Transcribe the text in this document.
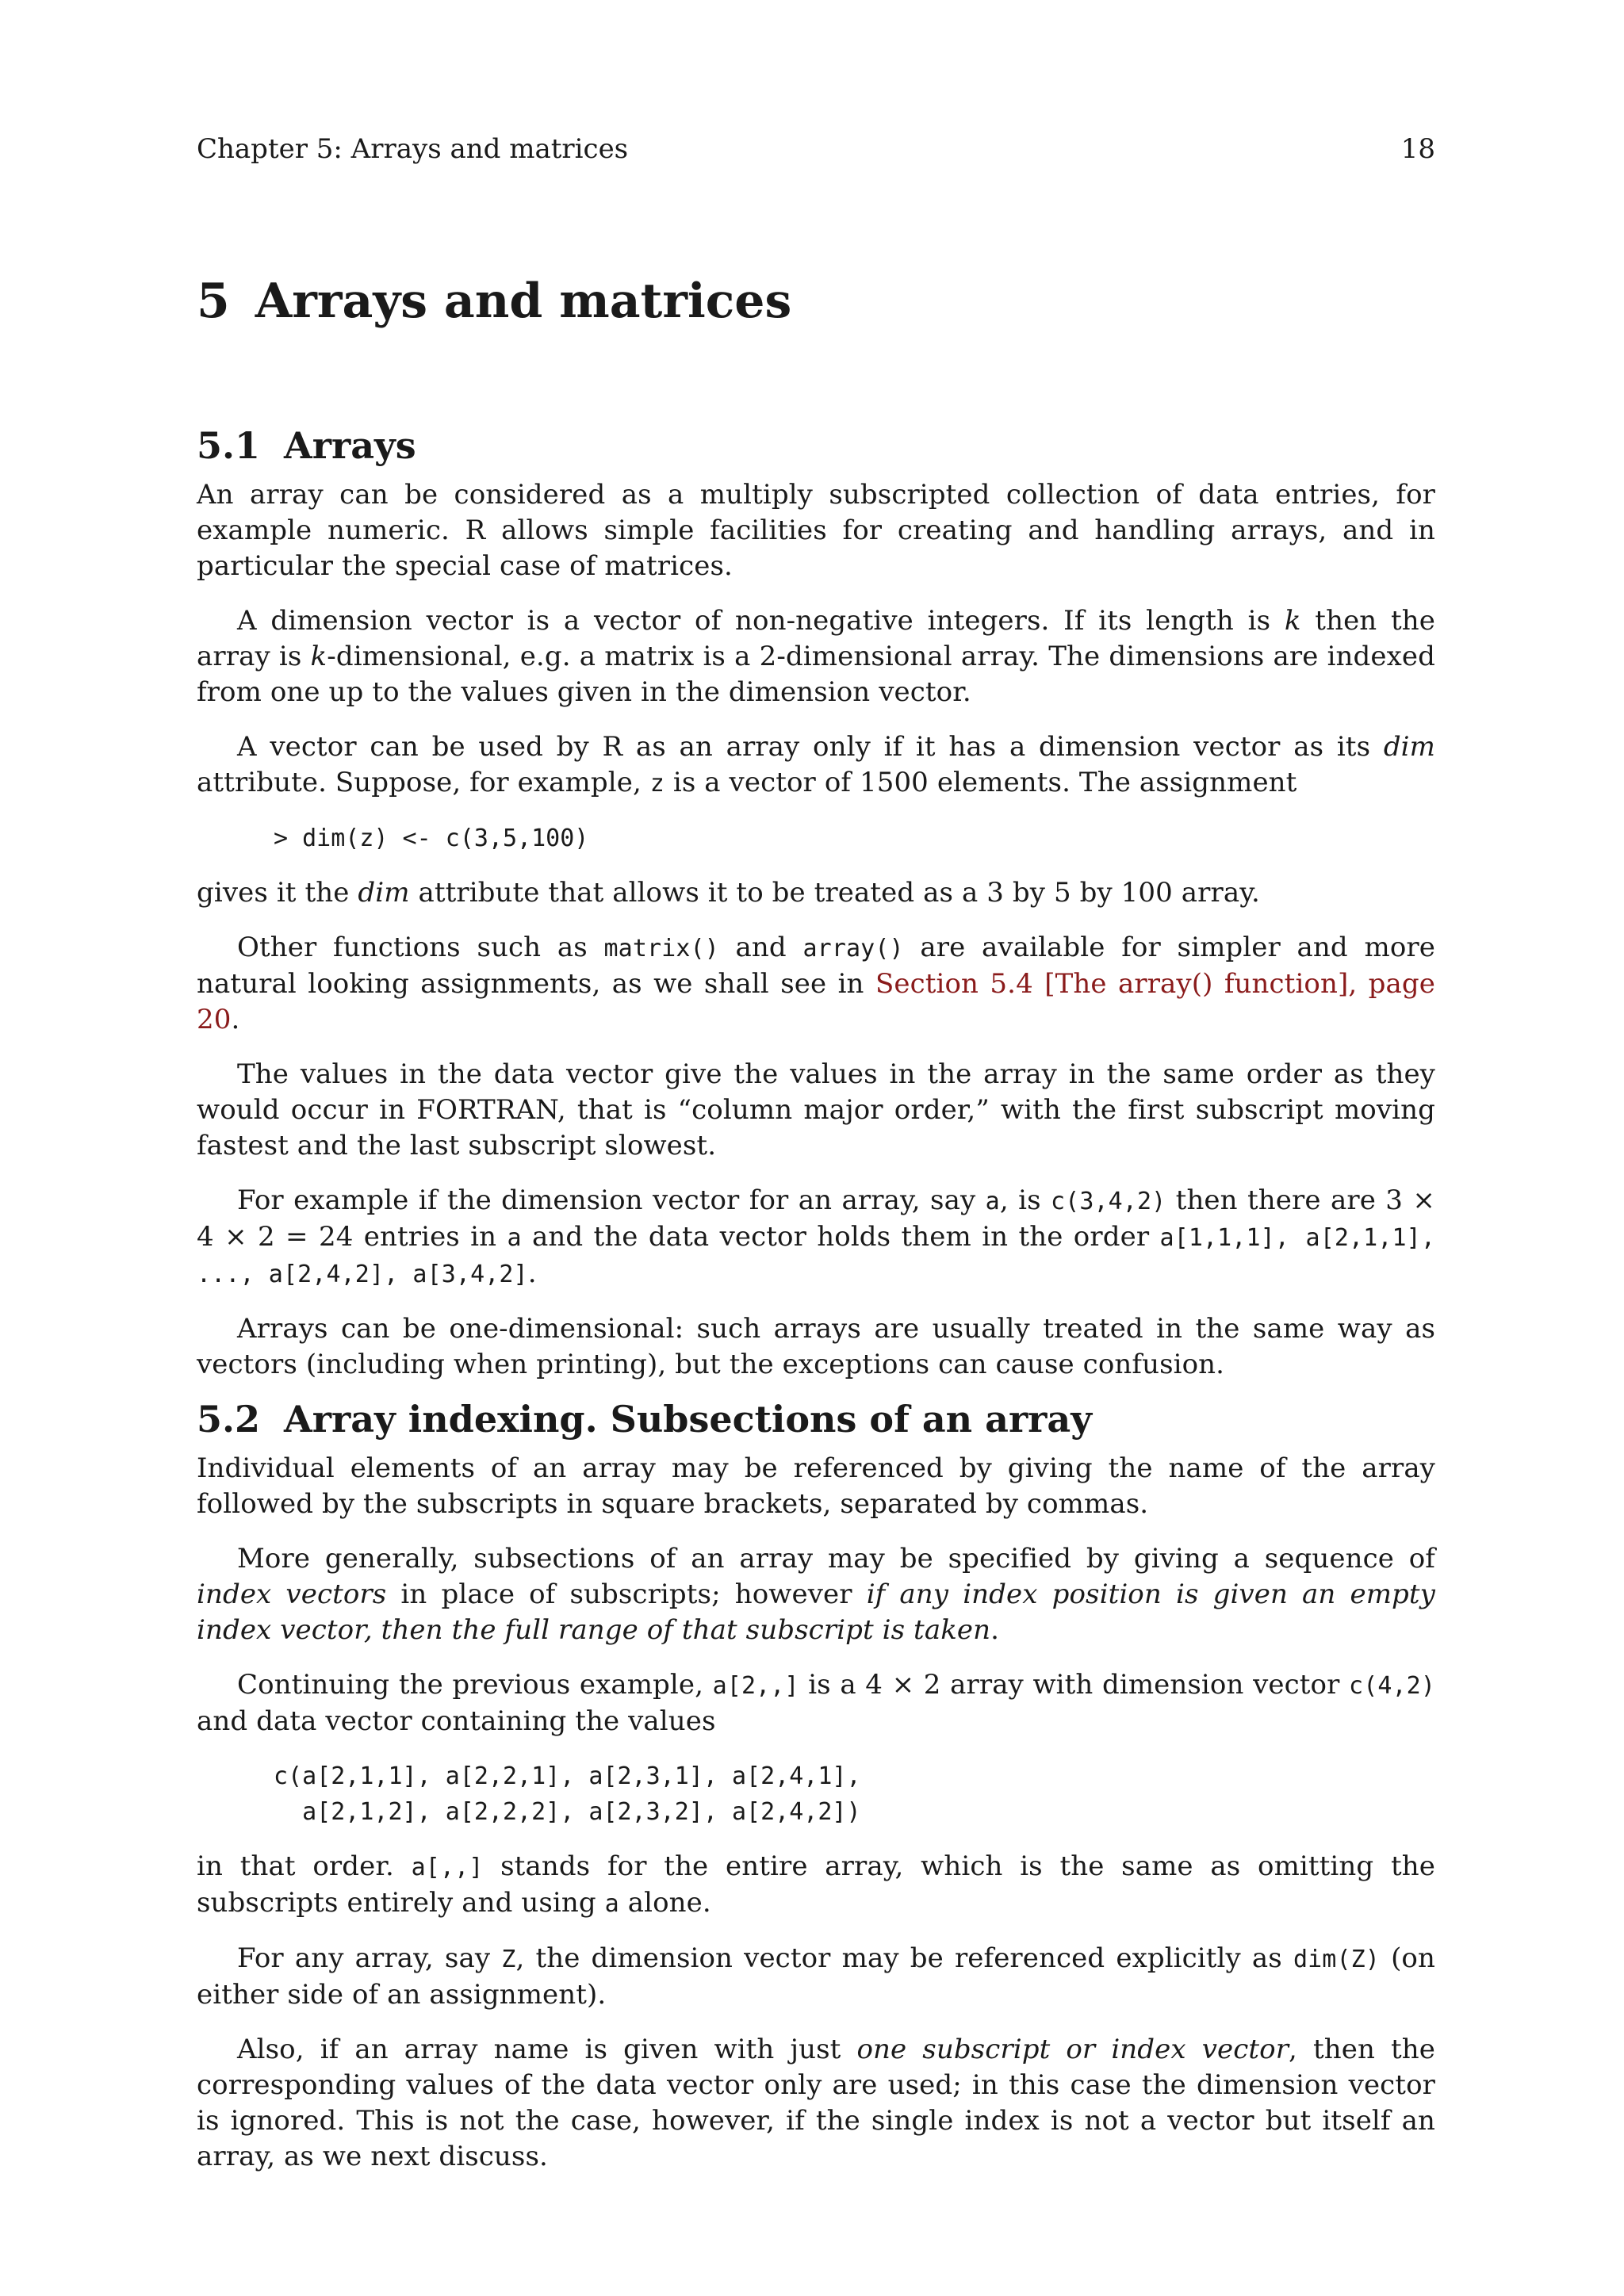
Chapter 5: Arrays and matrices	18
5 Arrays and matrices
5.1 Arrays

An array can be considered as a multiply subscripted collection of data entries, for example numeric. R allows simple facilities for creating and handling arrays, and in particular the special case of matrices.

A dimension vector is a vector of non-negative integers. If its length is k then the array is k-dimensional, e.g. a matrix is a 2-dimensional array. The dimensions are indexed from one up to the values given in the dimension vector.

A vector can be used by R as an array only if it has a dimension vector as its dim attribute. Suppose, for example, z is a vector of 1500 elements. The assignment

> dim(z) <- c(3,5,100)

gives it the dim attribute that allows it to be treated as a 3 by 5 by 100 array.

Other functions such as matrix() and array() are available for simpler and more natural looking assignments, as we shall see in Section 5.4 [The array() function], page 20.

The values in the data vector give the values in the array in the same order as they would occur in FORTRAN, that is “column major order,” with the first subscript moving fastest and the last subscript slowest.

For example if the dimension vector for an array, say a, is c(3,4,2) then there are 3 × 4 × 2 = 24 entries in a and the data vector holds them in the order a[1,1,1], a[2,1,1], ..., a[2,4,2], a[3,4,2].

Arrays can be one-dimensional: such arrays are usually treated in the same way as vectors (including when printing), but the exceptions can cause confusion.

5.2 Array indexing. Subsections of an array

Individual elements of an array may be referenced by giving the name of the array followed by the subscripts in square brackets, separated by commas.

More generally, subsections of an array may be specified by giving a sequence of index vectors in place of subscripts; however if any index position is given an empty index vector, then the full range of that subscript is taken.

Continuing the previous example, a[2,,] is a 4 × 2 array with dimension vector c(4,2) and data vector containing the values

c(a[2,1,1], a[2,2,1], a[2,3,1], a[2,4,1],
a[2,1,2], a[2,2,2], a[2,3,2], a[2,4,2])

in that order. a[,,] stands for the entire array, which is the same as omitting the subscripts entirely and using a alone.

For any array, say Z, the dimension vector may be referenced explicitly as dim(Z) (on either side of an assignment).

Also, if an array name is given with just one subscript or index vector, then the corresponding values of the data vector only are used; in this case the dimension vector is ignored. This is not the case, however, if the single index is not a vector but itself an array, as we next discuss.
